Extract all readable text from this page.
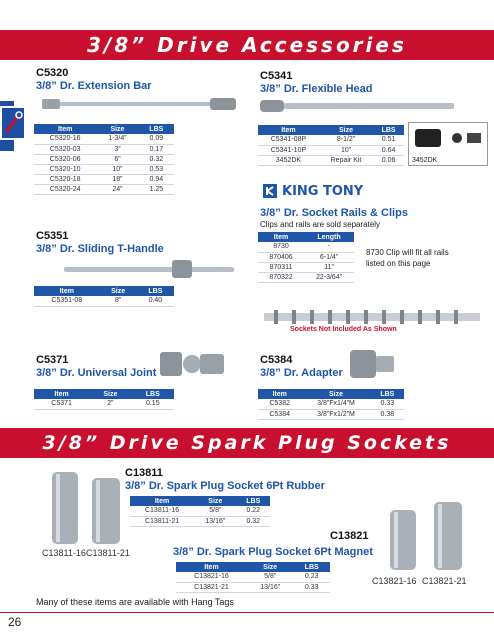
3/8” Drive Accessories
C5320
3/8” Dr. Extension Bar
Item	Size	LBS
C5320-16	1-3/4”	0.09
C5320-03	3”	0.17
C5320-06	6”	0.32
C5320-10	10”	0.53
C5320-18	18”	0.94
C5320-24	24”	1.25
C5341
3/8” Dr. Flexible Head
Item	Size	LBS
C5341-08P	8-1/2”	0.51
C5341-10P	10”	0.64
3452DK	Repair Kit	0.06 3452DK
KING TONY
3/8” Dr. Socket Rails & Clips
Clips and rails are sold separately
Item	Length
8730	-
870406	6-1/4”
870311	11”
870322	22-3/64”
8730 Clip will fit all rails listed on this page
Sockets Not Included As Shown
C5351
3/8” Dr. Sliding T-Handle
Item	Size	LBS
C5351-08	8”	0.40
C5371
3/8” Dr. Universal Joint
Item	Size	LBS
C5371	2”	0.15
C5384
3/8” Dr. Adapter
Item	Size	LBS
C5382	3/8”Fx1/4”M	0.33
C5384	3/8”Fx1/2”M	0.38
3/8” Drive Spark Plug Sockets
C13811-16 C13811-21
C13811
3/8” Dr. Spark Plug Socket 6Pt Rubber
Item	Size	LBS
C13811-16	5/8”	0.22
C13811-21	13/16”	0.32
C13821
3/8” Dr. Spark Plug Socket 6Pt Magnet
Item	Size	LBS
C13821-16	5/8”	0.23
C13821-21	13/16”	0.33
C13821-16 C13821-21
Many of these items are available with Hang Tags
26
